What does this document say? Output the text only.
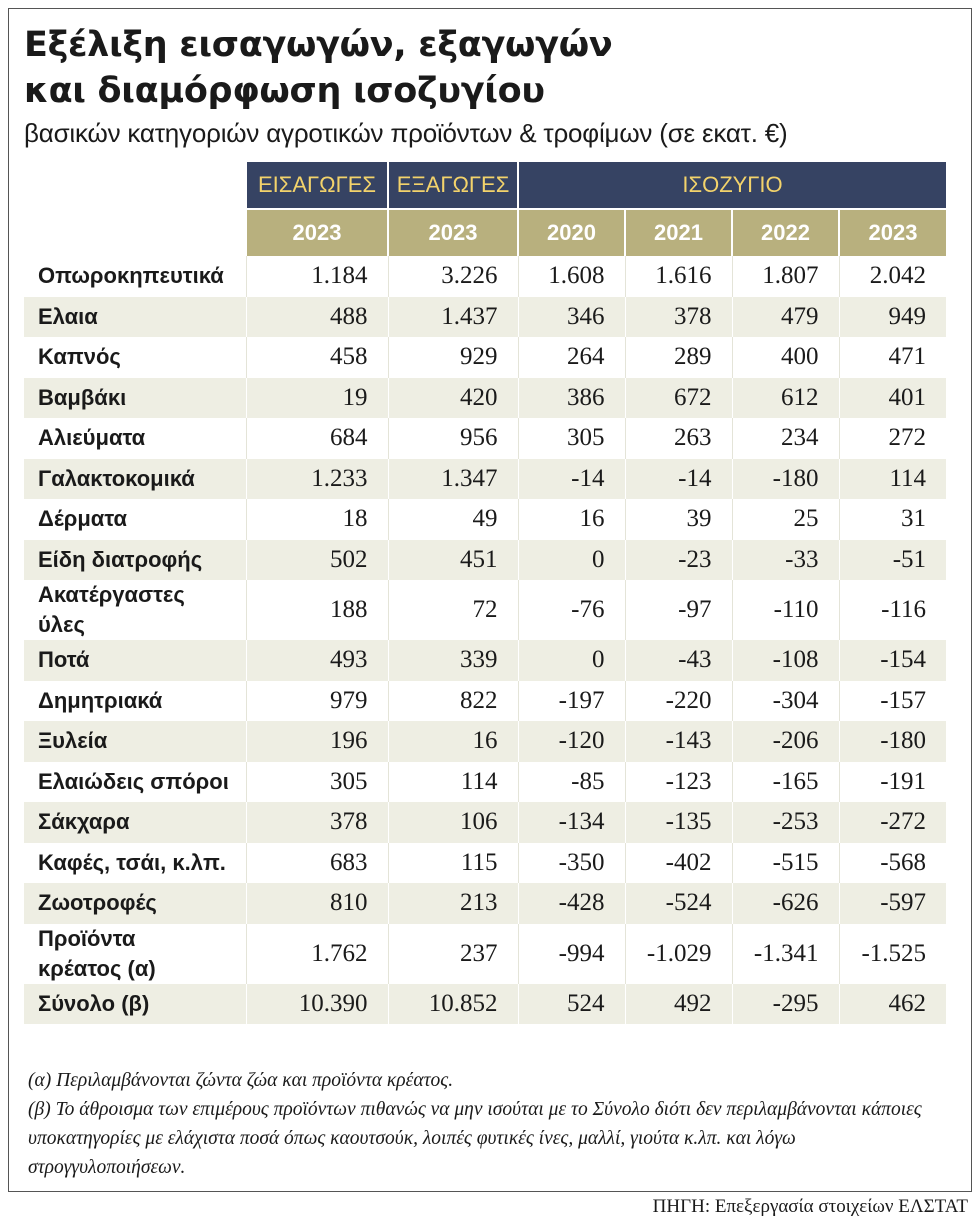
Εξέλιξη εισαγωγών, εξαγωγών
και διαμόρφωση ισοζυγίου
βασικών κατηγοριών αγροτικών προϊόντων & τροφίμων (σε εκατ. €)
	ΕΙΣΑΓΩΓΕΣ	ΕΞΑΓΩΓΕΣ	ΙΣΟΖΥΓΙΟ			
	2023	2023	2020	2021	2022	2023
Οπωροκηπευτικά	1.184	3.226	1.608	1.616	1.807	2.042
Ελαια	488	1.437	346	378	479	949
Καπνός	458	929	264	289	400	471
Βαμβάκι	19	420	386	672	612	401
Αλιεύματα	684	956	305	263	234	272
Γαλακτοκομικά	1.233	1.347	-14	-14	-180	114
Δέρματα	18	49	16	39	25	31
Είδη διατροφής	502	451	0	-23	-33	-51
Ακατέργαστες
ύλες	188	72	-76	-97	-110	-116
Ποτά	493	339	0	-43	-108	-154
Δημητριακά	979	822	-197	-220	-304	-157
Ξυλεία	196	16	-120	-143	-206	-180
Ελαιώδεις σπόροι	305	114	-85	-123	-165	-191
Σάκχαρα	378	106	-134	-135	-253	-272
Καφές, τσάι, κ.λπ.	683	115	-350	-402	-515	-568
Ζωοτροφές	810	213	-428	-524	-626	-597
Προϊόντα
κρέατος (α)	1.762	237	-994	-1.029	-1.341	-1.525
Σύνολο (β)	10.390	10.852	524	492	-295	462

(α) Περιλαμβάνονται ζώντα ζώα και προϊόντα κρέατος.

(β) Το άθροισμα των επιμέρους προϊόντων πιθανώς να μην ισούται με το Σύνολο διότι δεν περιλαμβάνονται κάποιες υποκατηγορίες με ελάχιστα ποσά όπως καουτσούκ, λοιπές φυτικές ίνες, μαλλί, γιούτα κ.λπ. και λόγω στρογγυλοποιήσεων.

ΠΗΓΗ: Επεξεργασία στοιχείων ΕΛΣΤΑΤ
